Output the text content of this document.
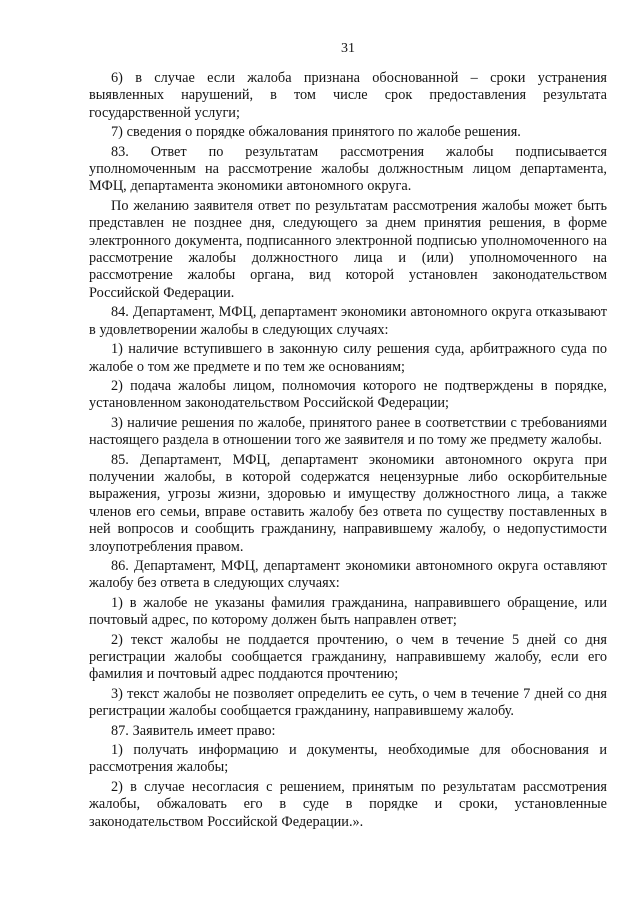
31

6) в случае если жалоба признана обоснованной – сроки устранения выявленных нарушений, в том числе срок предоставления результата государственной услуги;

7) сведения о порядке обжалования принятого по жалобе решения.

83. Ответ по результатам рассмотрения жалобы подписывается уполномоченным на рассмотрение жалобы должностным лицом департамента, МФЦ, департамента экономики автономного округа.

По желанию заявителя ответ по результатам рассмотрения жалобы может быть представлен не позднее дня, следующего за днем принятия решения, в форме электронного документа, подписанного электронной подписью уполномоченного на рассмотрение жалобы должностного лица и (или) уполномоченного на рассмотрение жалобы органа, вид которой установлен законодательством Российской Федерации.

84. Департамент, МФЦ, департамент экономики автономного округа отказывают в удовлетворении жалобы в следующих случаях:

1) наличие вступившего в законную силу решения суда, арбитражного суда по жалобе о том же предмете и по тем же основаниям;

2) подача жалобы лицом, полномочия которого не подтверждены в порядке, установленном законодательством Российской Федерации;

3) наличие решения по жалобе, принятого ранее в соответствии с требованиями настоящего раздела в отношении того же заявителя и по тому же предмету жалобы.

85. Департамент, МФЦ, департамент экономики автономного округа при получении жалобы, в которой содержатся нецензурные либо оскорбительные выражения, угрозы жизни, здоровью и имуществу должностного лица, а также членов его семьи, вправе оставить жалобу без ответа по существу поставленных в ней вопросов и сообщить гражданину, направившему жалобу, о недопустимости злоупотребления правом.

86. Департамент, МФЦ, департамент экономики автономного округа оставляют жалобу без ответа в следующих случаях:

1) в жалобе не указаны фамилия гражданина, направившего обращение, или почтовый адрес, по которому должен быть направлен ответ;

2) текст жалобы не поддается прочтению, о чем в течение 5 дней со дня регистрации жалобы сообщается гражданину, направившему жалобу, если его фамилия и почтовый адрес поддаются прочтению;

3) текст жалобы не позволяет определить ее суть, о чем в течение 7 дней со дня регистрации жалобы сообщается гражданину, направившему жалобу.

87. Заявитель имеет право:

1) получать информацию и документы, необходимые для обоснования и рассмотрения жалобы;

2) в случае несогласия с решением, принятым по результатам рассмотрения жалобы, обжаловать его в суде в порядке и сроки, установленные законодательством Российской Федерации.».
